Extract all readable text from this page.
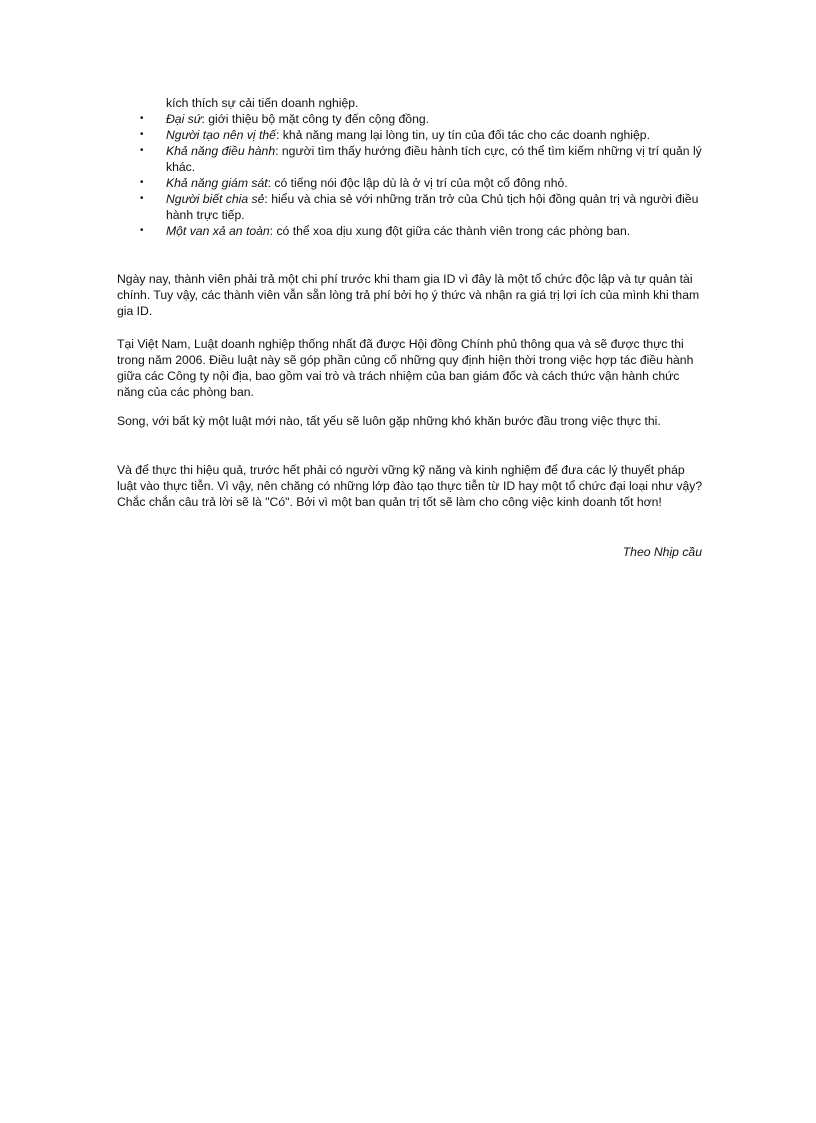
kích thích sự cải tiến doanh nghiệp.

• Đại sứ: giới thiệu bộ mặt công ty đến cộng đồng.
• Người tạo nên vị thế: khả năng mang lại lòng tin, uy tín của đối tác cho các doanh nghiệp.
• Khả năng điều hành: người tìm thấy hướng điều hành tích cực, có thể tìm kiếm những vị trí quản lý khác.
• Khả năng giám sát: có tiếng nói độc lập dù là ở vị trí của một cổ đông nhỏ.
• Người biết chia sẻ: hiểu và chia sẻ với những trăn trở của Chủ tịch hội đồng quản trị và người điều hành trực tiếp.
• Một van xả an toàn: có thể xoa dịu xung đột giữa các thành viên trong các phòng ban.

Ngày nay, thành viên phải trả một chi phí trước khi tham gia ID vì đây là một tổ chức độc lập và tự quản tài chính. Tuy vậy, các thành viên vẫn sẵn lòng trả phí bởi họ ý thức và nhận ra giá trị lợi ích của mình khi tham gia ID.

Tại Việt Nam, Luật doanh nghiệp thống nhất đã được Hội đồng Chính phủ thông qua và sẽ được thực thi trong năm 2006. Điều luật này sẽ góp phần củng cố những quy định hiện thời trong việc hợp tác điều hành giữa các Công ty nội địa, bao gồm vai trò và trách nhiệm của ban giám đốc và cách thức vận hành chức năng của các phòng ban.

Song, với bất kỳ một luật mới nào, tất yếu sẽ luôn gặp những khó khăn bước đầu trong việc thực thi.

Và để thực thi hiệu quả, trước hết phải có người vững kỹ năng và kinh nghiệm để đưa các lý thuyết pháp luật vào thực tiễn. Vì vậy, nên chăng có những lớp đào tạo thực tiễn từ ID hay một tổ chức đại loại như vậy? Chắc chắn câu trả lời sẽ là "Có". Bởi vì một ban quản trị tốt sẽ làm cho công việc kinh doanh tốt hơn!

Theo Nhịp cầu
